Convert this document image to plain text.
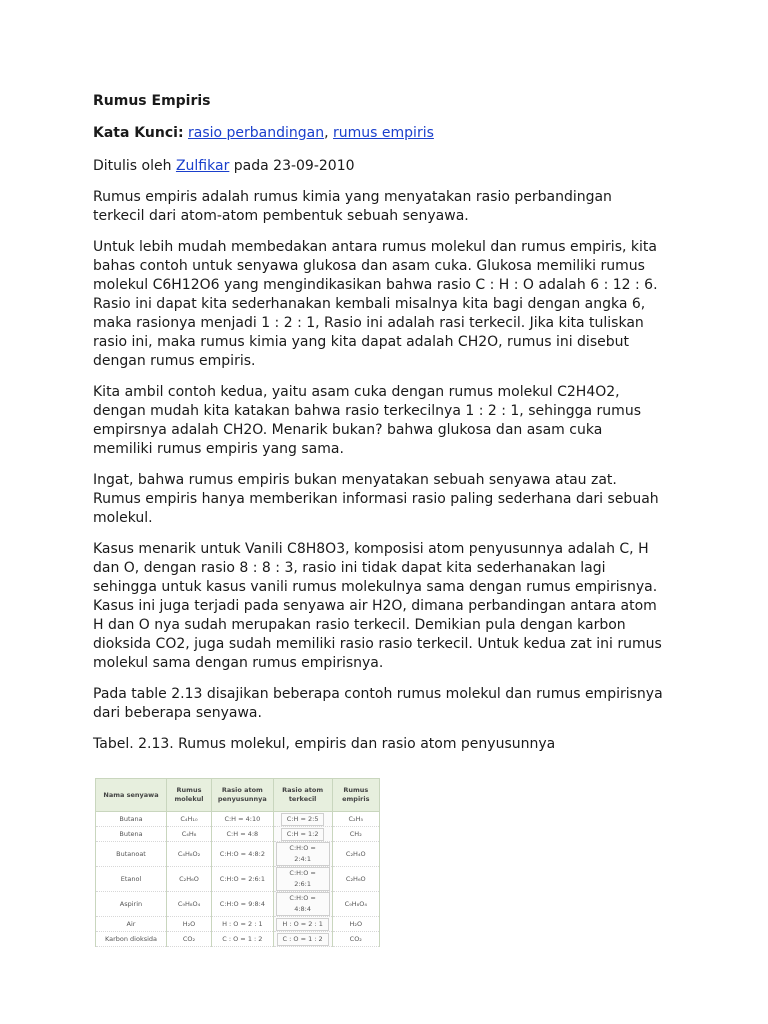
Rumus Empiris

Kata Kunci: rasio perbandingan, rumus empiris

Ditulis oleh Zulfikar pada 23-09-2010

Rumus empiris adalah rumus kimia yang menyatakan rasio perbandingan
terkecil dari atom-atom pembentuk sebuah senyawa.

Untuk lebih mudah membedakan antara rumus molekul dan rumus empiris, kita
bahas contoh untuk senyawa glukosa dan asam cuka. Glukosa memiliki rumus
molekul C6H12O6 yang mengindikasikan bahwa rasio C : H : O adalah 6 : 12 : 6.
Rasio ini dapat kita sederhanakan kembali misalnya kita bagi dengan angka 6,
maka rasionya menjadi 1 : 2 : 1, Rasio ini adalah rasi terkecil. Jika kita tuliskan
rasio ini, maka rumus kimia yang kita dapat adalah CH2O, rumus ini disebut
dengan rumus empiris.

Kita ambil contoh kedua, yaitu asam cuka dengan rumus molekul C2H4O2,
dengan mudah kita katakan bahwa rasio terkecilnya 1 : 2 : 1, sehingga rumus
empirsnya adalah CH2O. Menarik bukan? bahwa glukosa dan asam cuka
memiliki rumus empiris yang sama.

Ingat, bahwa rumus empiris bukan menyatakan sebuah senyawa atau zat.
Rumus empiris hanya memberikan informasi rasio paling sederhana dari sebuah
molekul.

Kasus menarik untuk Vanili C8H8O3, komposisi atom penyusunnya adalah C, H
dan O, dengan rasio 8 : 8 : 3, rasio ini tidak dapat kita sederhanakan lagi
sehingga untuk kasus vanili rumus molekulnya sama dengan rumus empirisnya.
Kasus ini juga terjadi pada senyawa air H2O, dimana perbandingan antara atom
H dan O nya sudah merupakan rasio terkecil. Demikian pula dengan karbon
dioksida CO2, juga sudah memiliki rasio rasio terkecil. Untuk kedua zat ini rumus
molekul sama dengan rumus empirisnya.

Pada table 2.13 disajikan beberapa contoh rumus molekul dan rumus empirisnya
dari beberapa senyawa.

Tabel. 2.13. Rumus molekul, empiris dan rasio atom penyusunnya

Nama senyawa	Rumus molekul	Rasio atom penyusunnya	Rasio atom terkecil	Rumus empiris
Butana	C₄H₁₀	C:H = 4:10	C:H = 2:5	C₂H₅
Butena	C₄H₈	C:H = 4:8	C:H = 1:2	CH₂
Butanoat	C₄H₈O₂	C:H:O = 4:8:2	C:H:O = 2:4:1	C₂H₄O
Etanol	C₂H₆O	C:H:O = 2:6:1	C:H:O = 2:6:1	C₂H₆O
Aspirin	C₉H₈O₄	C:H:O = 9:8:4	C:H:O = 4:8:4	C₉H₈O₄
Air	H₂O	H : O = 2 : 1	H : O = 2 : 1	H₂O
Karbon dioksida	CO₂	C : O = 1 : 2	C : O = 1 : 2	CO₂
